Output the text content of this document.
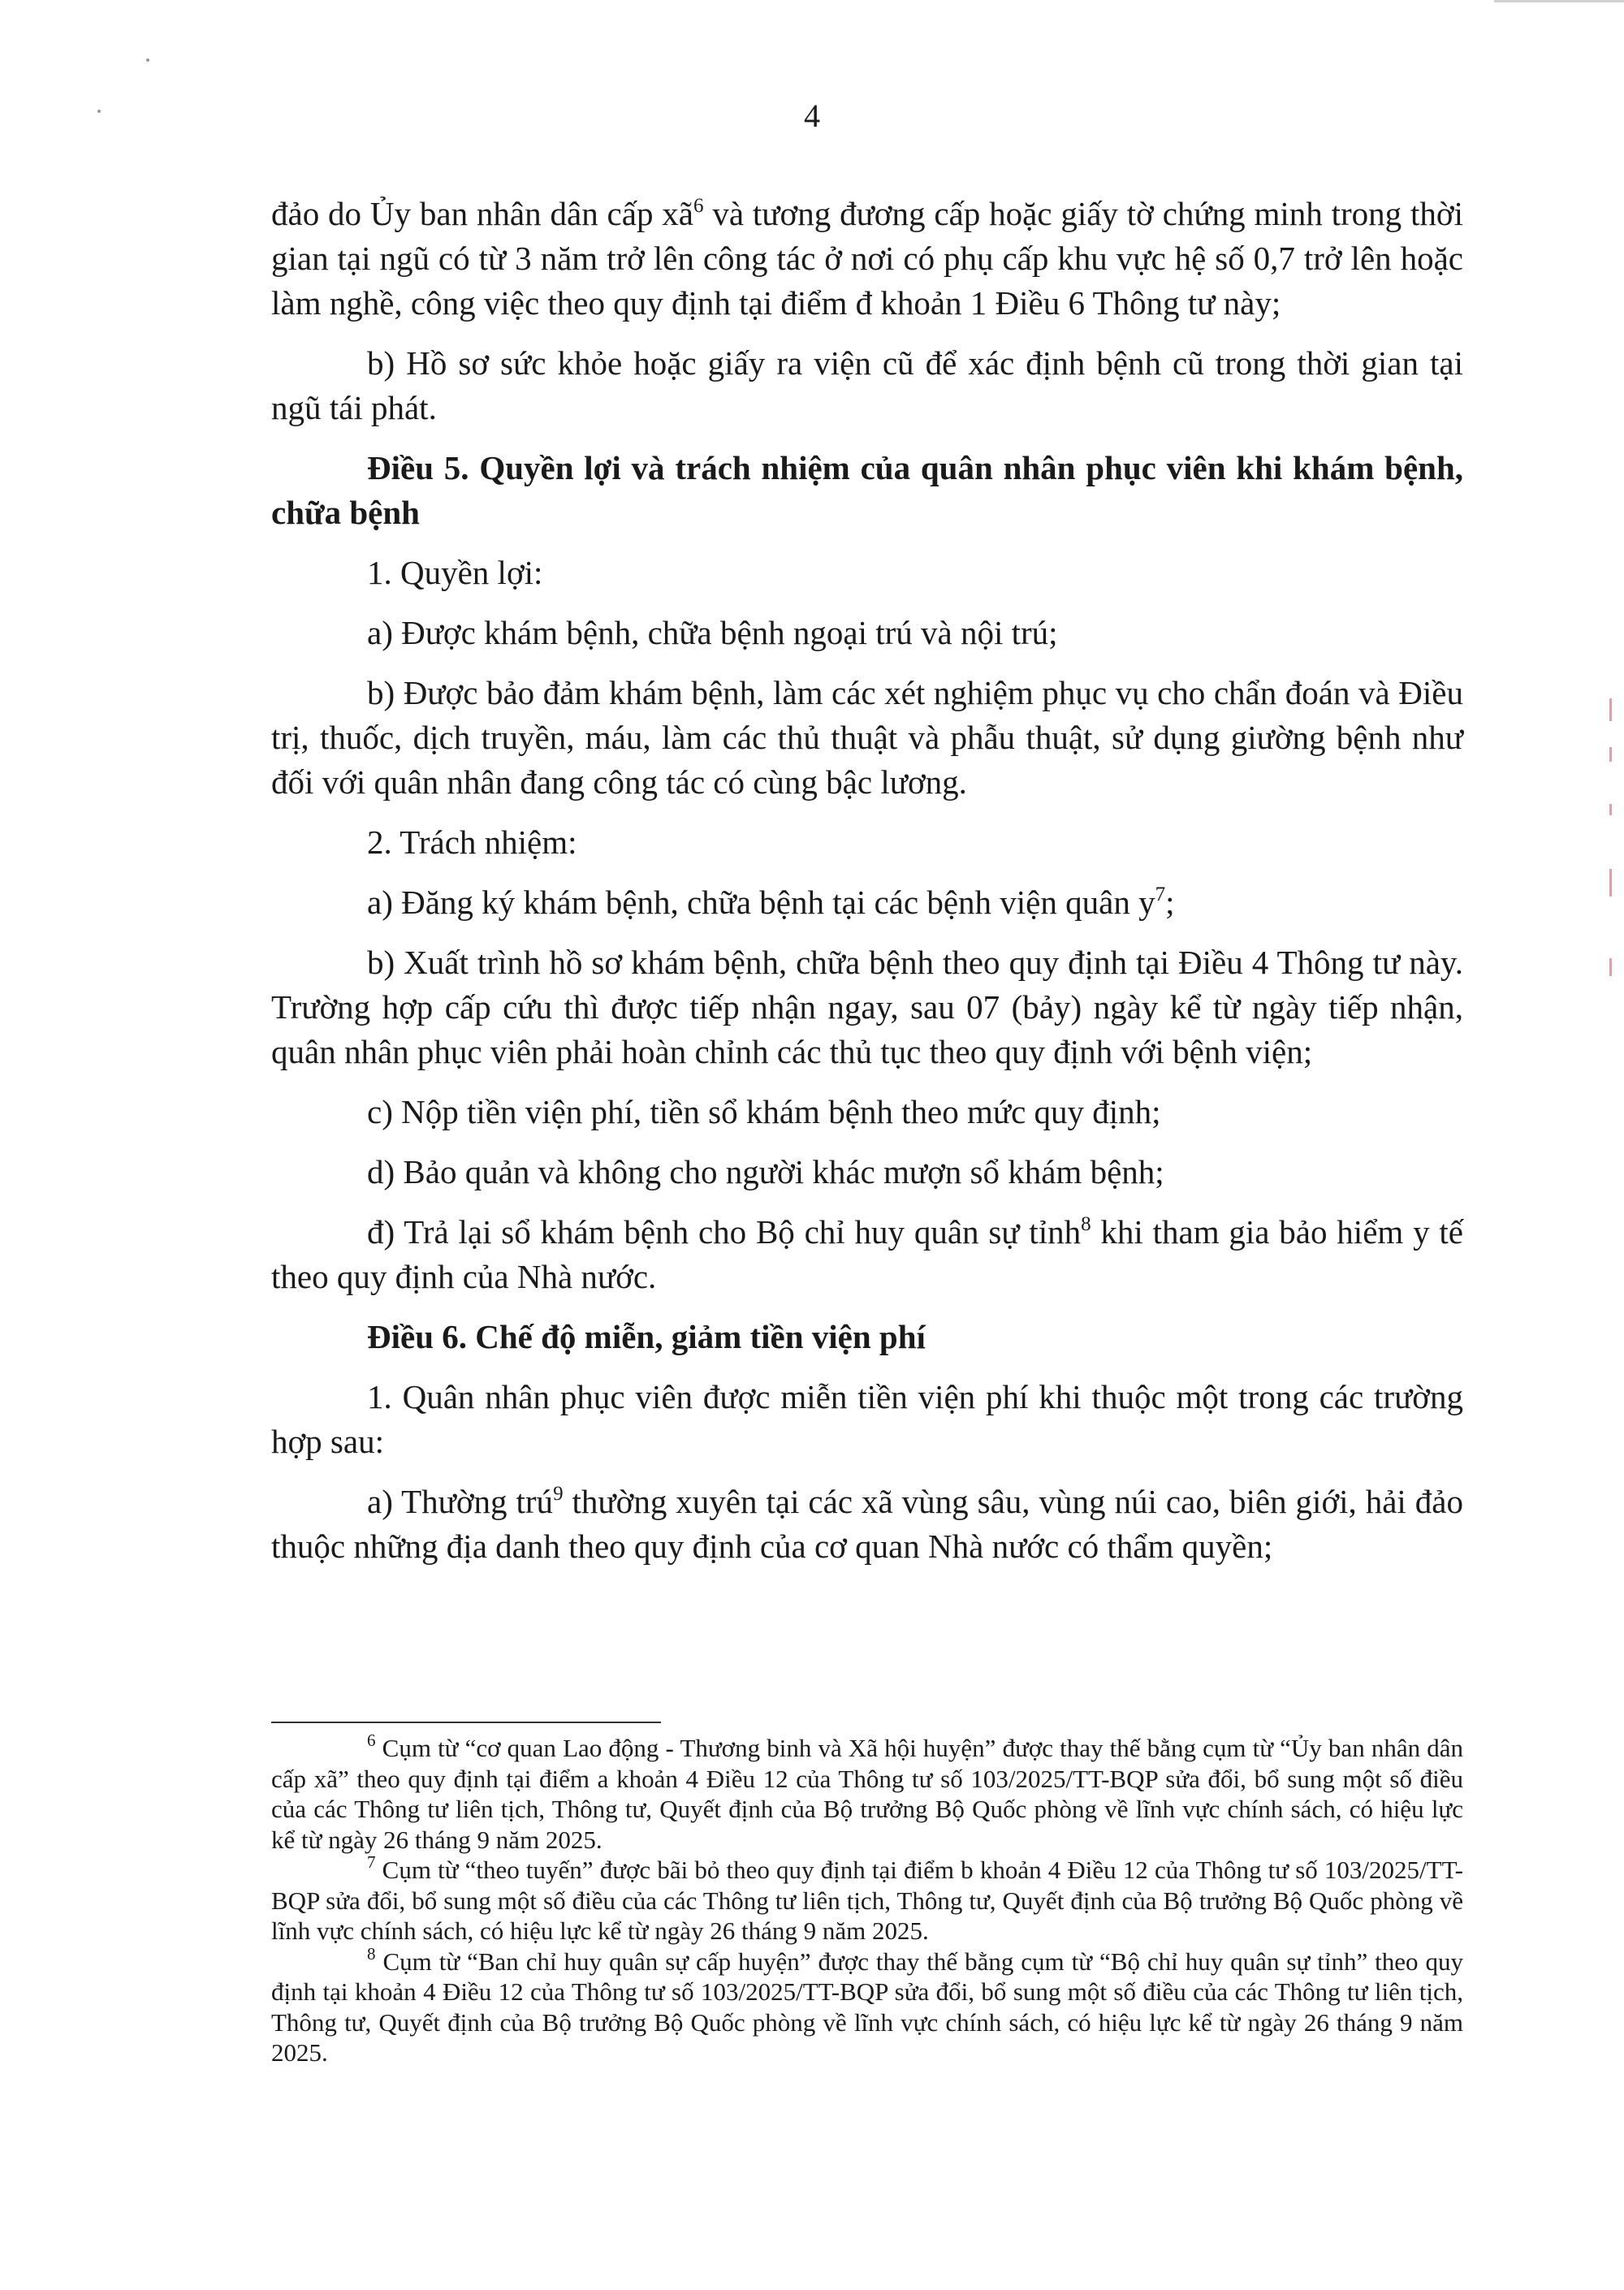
4

đảo do Ủy ban nhân dân cấp $xã^6$ và tương đương cấp hoặc giấy tờ chứng minh trong thời gian tại ngũ có từ 3 năm trở lên công tác ở nơi có phụ cấp khu vực hệ số 0,7 trở lên hoặc làm nghề, công việc theo quy định tại điểm đ khoản 1 Điều 6 Thông tư này;

b) Hồ sơ sức khỏe hoặc giấy ra viện cũ để xác định bệnh cũ trong thời gian tại ngũ tái phát.

Điều 5. Quyền lợi và trách nhiệm của quân nhân phục viên khi khám bệnh, chữa bệnh

1. Quyền lợi:

a) Được khám bệnh, chữa bệnh ngoại trú và nội trú;

b) Được bảo đảm khám bệnh, làm các xét nghiệm phục vụ cho chẩn đoán và Điều trị, thuốc, dịch truyền, máu, làm các thủ thuật và phẫu thuật, sử dụng giường bệnh như đối với quân nhân đang công tác có cùng bậc lương.

2. Trách nhiệm:

a) Đăng ký khám bệnh, chữa bệnh tại các bệnh viện quân $y^7$;

b) Xuất trình hồ sơ khám bệnh, chữa bệnh theo quy định tại Điều 4 Thông tư này. Trường hợp cấp cứu thì được tiếp nhận ngay, sau 07 (bảy) ngày kể từ ngày tiếp nhận, quân nhân phục viên phải hoàn chỉnh các thủ tục theo quy định với bệnh viện;

c) Nộp tiền viện phí, tiền sổ khám bệnh theo mức quy định;

d) Bảo quản và không cho người khác mượn sổ khám bệnh;

đ) Trả lại sổ khám bệnh cho Bộ chỉ huy quân sự tỉnh$^8$ khi tham gia bảo hiểm y tế theo quy định của Nhà nước.

Điều 6. Chế độ miễn, giảm tiền viện phí

1. Quân nhân phục viên được miễn tiền viện phí khi thuộc một trong các trường hợp sau:

a) Thường trú$^9$ thường xuyên tại các xã vùng sâu, vùng núi cao, biên giới, hải đảo thuộc những địa danh theo quy định của cơ quan Nhà nước có thẩm quyền;

$^6$ Cụm từ “cơ quan Lao động - Thương binh và Xã hội huyện” được thay thế bằng cụm từ “Ủy ban nhân dân cấp xã” theo quy định tại điểm a khoản 4 Điều 12 của Thông tư số 103/2025/TT-BQP sửa đổi, bổ sung một số điều của các Thông tư liên tịch, Thông tư, Quyết định của Bộ trưởng Bộ Quốc phòng về lĩnh vực chính sách, có hiệu lực kể từ ngày 26 tháng 9 năm 2025.

$^7$ Cụm từ “theo tuyến” được bãi bỏ theo quy định tại điểm b khoản 4 Điều 12 của Thông tư số 103/2025/TT-BQP sửa đổi, bổ sung một số điều của các Thông tư liên tịch, Thông tư, Quyết định của Bộ trưởng Bộ Quốc phòng về lĩnh vực chính sách, có hiệu lực kể từ ngày 26 tháng 9 năm 2025.

$^8$ Cụm từ “Ban chỉ huy quân sự cấp huyện” được thay thế bằng cụm từ “Bộ chỉ huy quân sự tỉnh” theo quy định tại khoản 4 Điều 12 của Thông tư số 103/2025/TT-BQP sửa đổi, bổ sung một số điều của các Thông tư liên tịch, Thông tư, Quyết định của Bộ trưởng Bộ Quốc phòng về lĩnh vực chính sách, có hiệu lực kể từ ngày 26 tháng 9 năm 2025.
